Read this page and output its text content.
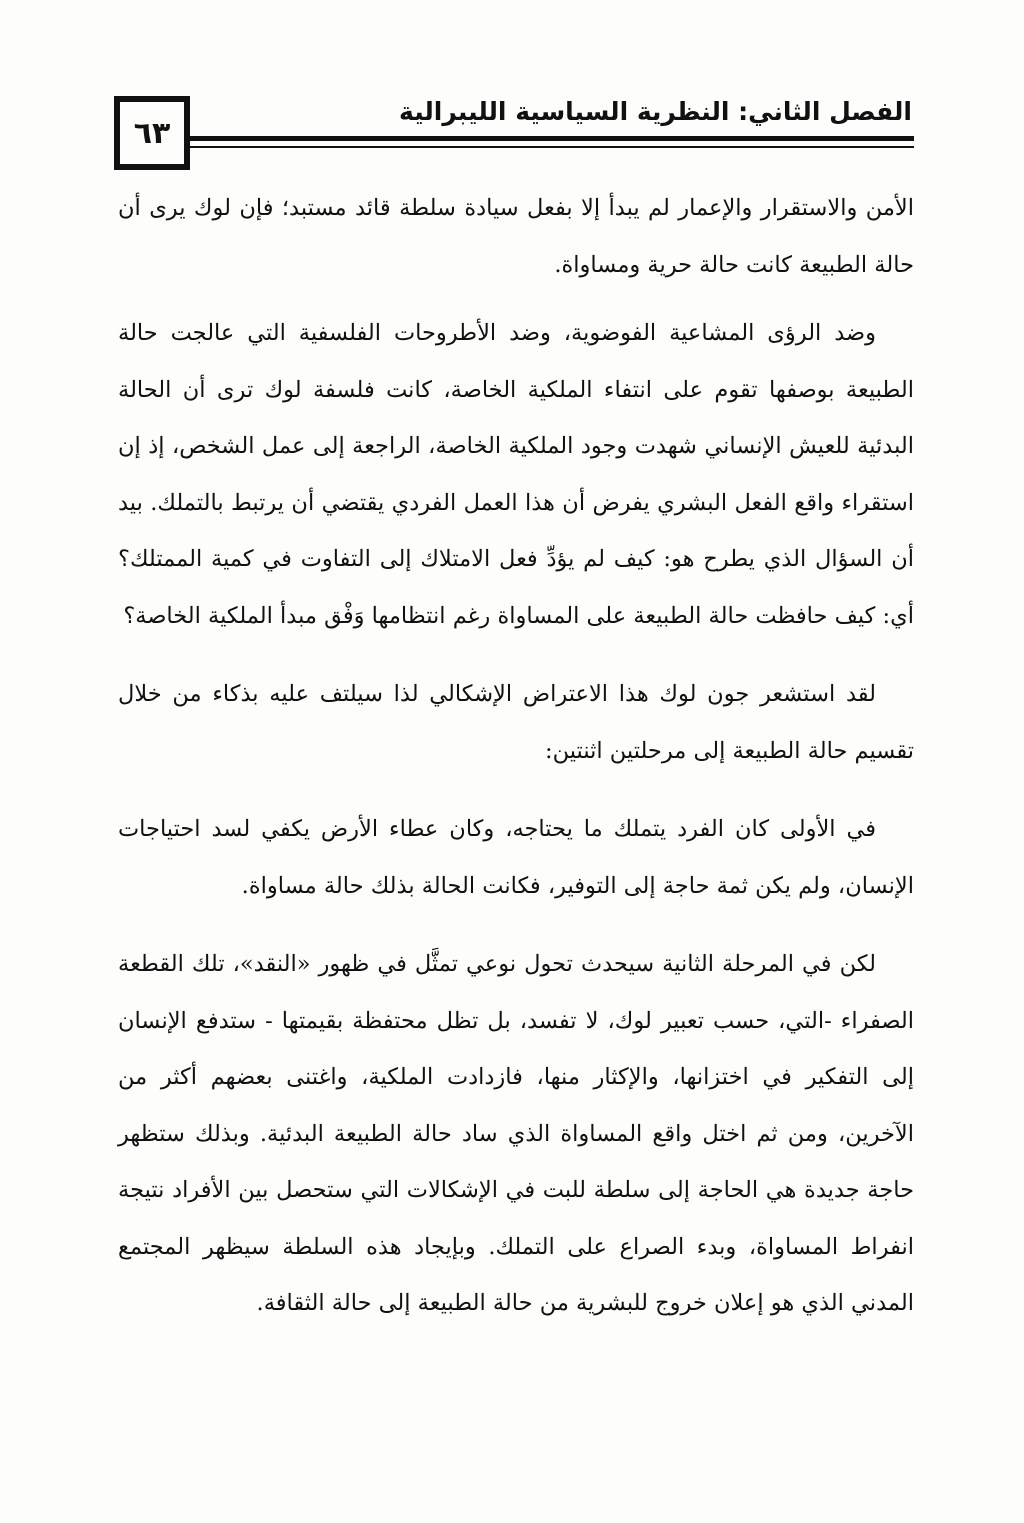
٦٣
الفصل الثاني: النظرية السياسية الليبرالية

الأمن والاستقرار والإعمار لم يبدأ إلا بفعل سيادة سلطة قائد مستبد؛ فإن لوك يرى أن حالة الطبيعة كانت حالة حرية ومساواة.

وضد الرؤى المشاعية الفوضوية، وضد الأطروحات الفلسفية التي عالجت حالة الطبيعة بوصفها تقوم على انتفاء الملكية الخاصة، كانت فلسفة لوك ترى أن الحالة البدئية للعيش الإنساني شهدت وجود الملكية الخاصة، الراجعة إلى عمل الشخص، إذ إن استقراء واقع الفعل البشري يفرض أن هذا العمل الفردي يقتضي أن يرتبط بالتملك. بيد أن السؤال الذي يطرح هو: كيف لم يؤدِّ فعل الامتلاك إلى التفاوت في كمية الممتلك؟ أي: كيف حافظت حالة الطبيعة على المساواة رغم انتظامها وَفْق مبدأ الملكية الخاصة؟

لقد استشعر جون لوك هذا الاعتراض الإشكالي لذا سيلتف عليه بذكاء من خلال تقسيم حالة الطبيعة إلى مرحلتين اثنتين:

في الأولى كان الفرد يتملك ما يحتاجه، وكان عطاء الأرض يكفي لسد احتياجات الإنسان، ولم يكن ثمة حاجة إلى التوفير، فكانت الحالة بذلك حالة مساواة.

لكن في المرحلة الثانية سيحدث تحول نوعي تمثَّل في ظهور «النقد»، تلك القطعة الصفراء -التي، حسب تعبير لوك، لا تفسد، بل تظل محتفظة بقيمتها - ستدفع الإنسان إلى التفكير في اختزانها، والإكثار منها، فازدادت الملكية، واغتنى بعضهم أكثر من الآخرين، ومن ثم اختل واقع المساواة الذي ساد حالة الطبيعة البدئية. وبذلك ستظهر حاجة جديدة هي الحاجة إلى سلطة للبت في الإشكالات التي ستحصل بين الأفراد نتيجة انفراط المساواة، وبدء الصراع على التملك. وبإيجاد هذه السلطة سيظهر المجتمع المدني الذي هو إعلان خروج للبشرية من حالة الطبيعة إلى حالة الثقافة.
